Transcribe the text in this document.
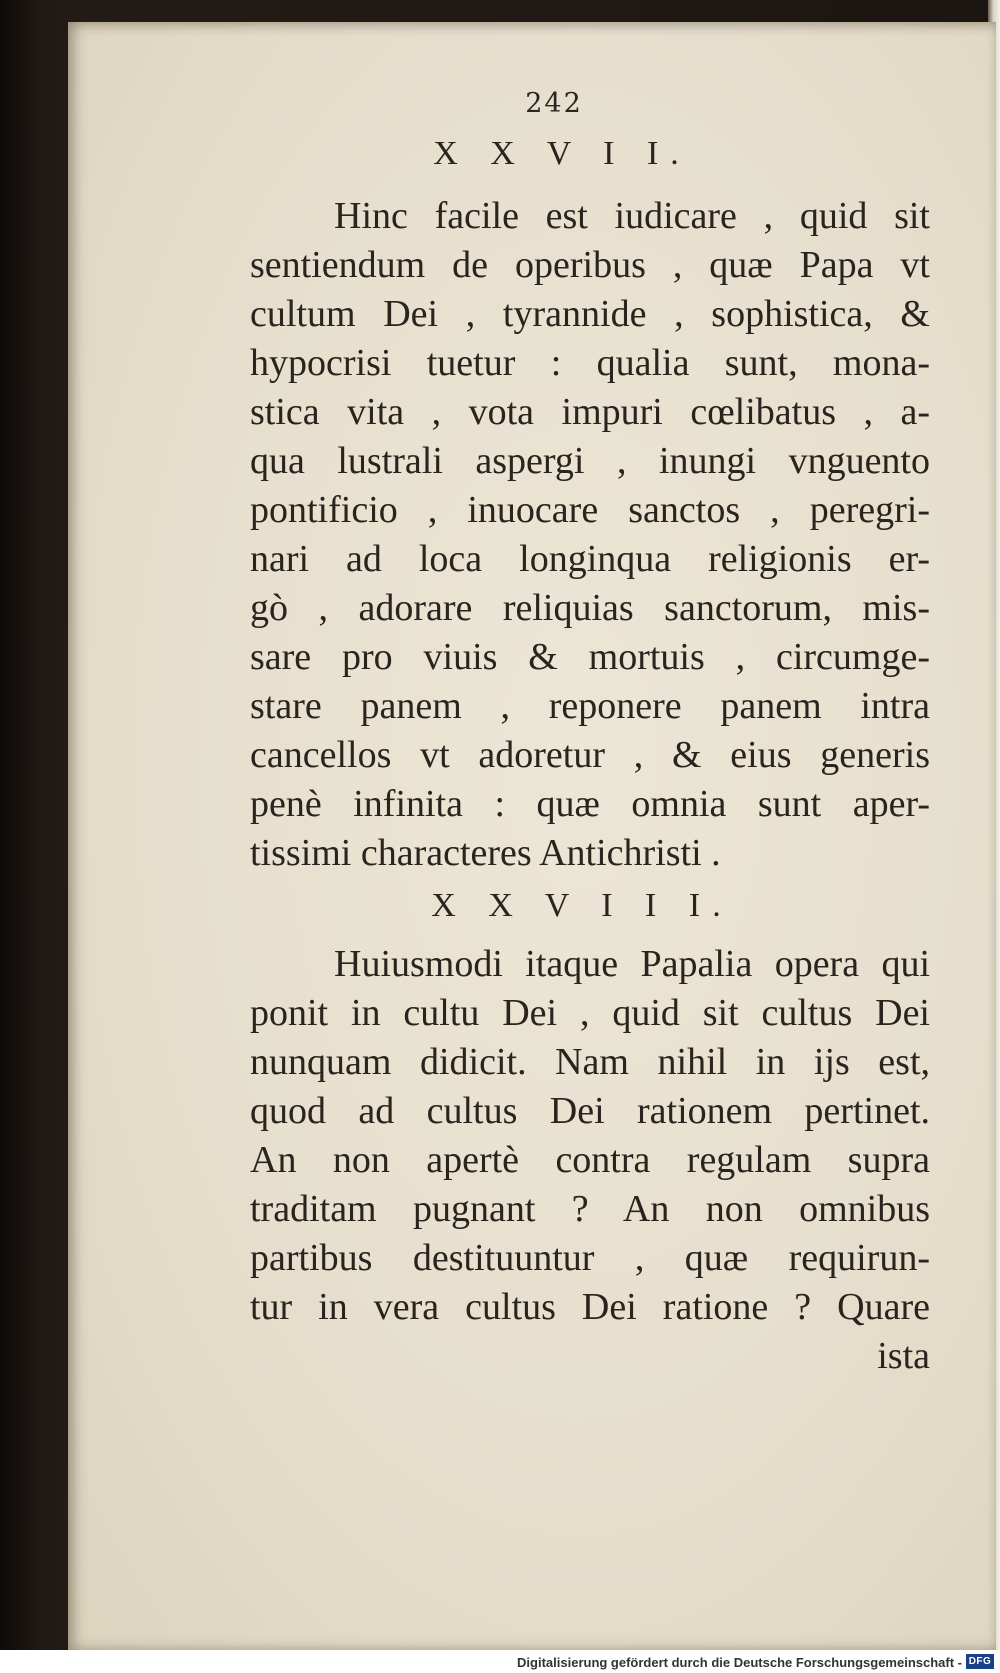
242
X X V I I.
Hinc facile est iudicare , quid sit
sentiendum de operibus , quæ Papa vt
cultum Dei , tyrannide , sophistica, &
hypocrisi tuetur : qualia sunt, mona-
stica vita , vota impuri cœlibatus , a-
qua lustrali aspergi , inungi vnguento
pontificio , inuocare sanctos , peregri-
nari ad loca longinqua religionis er-
gò , adorare reliquias sanctorum, mis-
sare pro viuis & mortuis , circumge-
stare panem , reponere panem intra
cancellos vt adoretur , & eius generis
penè infinita : quæ omnia sunt aper-
tissimi characteres Antichristi .
X X V I I I.
Huiusmodi itaque Papalia opera qui
ponit in cultu Dei , quid sit cultus Dei
nunquam didicit. Nam nihil in ijs est,
quod ad cultus Dei rationem pertinet.
An non apertè contra regulam supra
traditam pugnant ? An non omnibus
partibus destituuntur , quæ requirun-
tur in vera cultus Dei ratione ? Quare
ista
Digitalisierung gefördert durch die Deutsche Forschungsgemeinschaft - DFG
